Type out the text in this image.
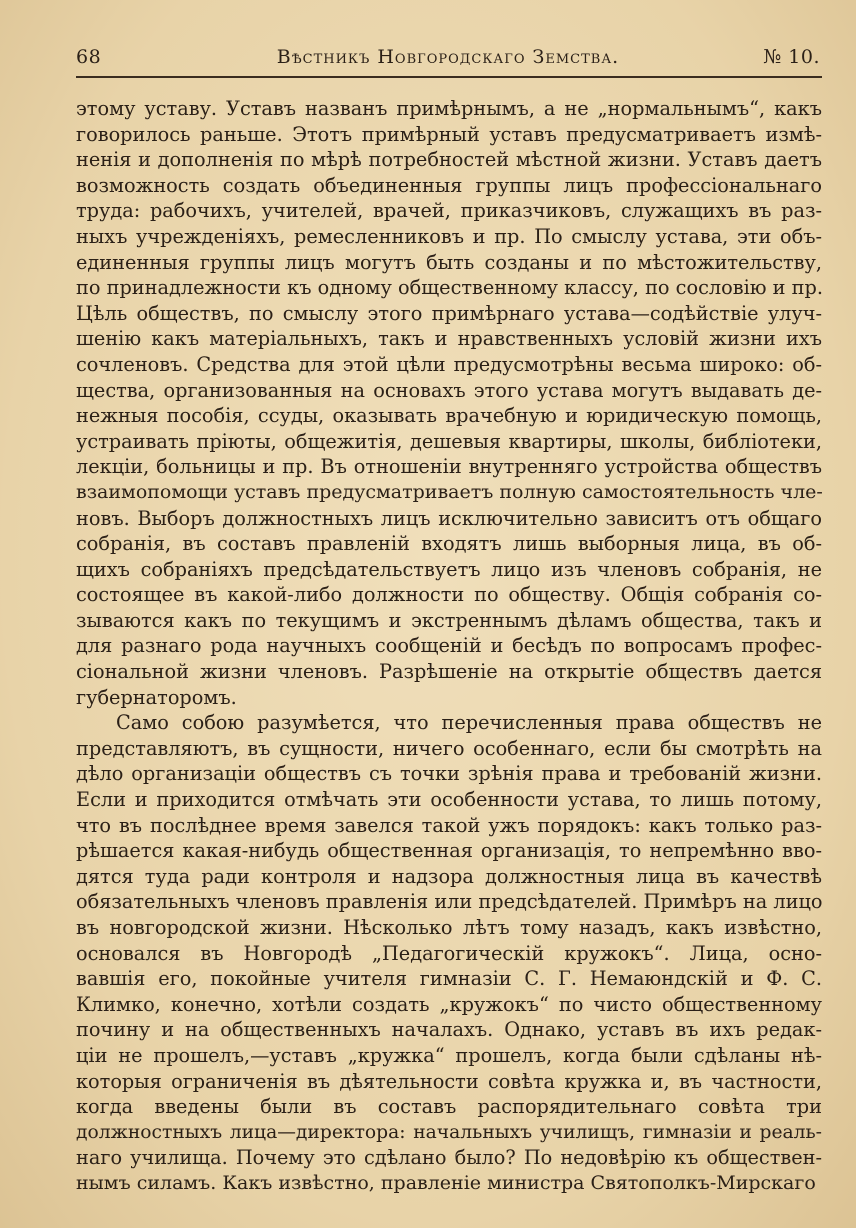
68	Вѣстникъ Новгородскаго Земства.	№ 10.
этому уставу. Уставъ названъ примѣрнымъ, а не „нормальнымъ“, какъ
говорилось раньше. Этотъ примѣрный уставъ предусматриваетъ измѣ-
ненія и дополненія по мѣрѣ потребностей мѣстной жизни. Уставъ даетъ
возможность создать объединенныя группы лицъ профессіональнаго
труда: рабочихъ, учителей, врачей, приказчиковъ, служащихъ въ раз-
ныхъ учрежденіяхъ, ремесленниковъ и пр. По смыслу устава, эти объ-
единенныя группы лицъ могутъ быть созданы и по мѣстожительству,
по принадлежности къ одному общественному классу, по сословію и пр.
Цѣль обществъ, по смыслу этого примѣрнаго устава—содѣйствіе улуч-
шенію какъ матеріальныхъ, такъ и нравственныхъ условій жизни ихъ
сочленовъ. Средства для этой цѣли предусмотрѣны весьма широко: об-
щества, организованныя на основахъ этого устава могутъ выдавать де-
нежныя пособія, ссуды, оказывать врачебную и юридическую помощь,
устраивать пріюты, общежитія, дешевыя квартиры, школы, библіотеки,
лекціи, больницы и пр. Въ отношеніи внутренняго устройства обществъ
взаимопомощи уставъ предусматриваетъ полную самостоятельность чле-
новъ. Выборъ должностныхъ лицъ исключительно зависитъ отъ общаго
собранія, въ составъ правленій входятъ лишь выборныя лица, въ об-
щихъ собраніяхъ предсѣдательствуетъ лицо изъ членовъ собранія, не
состоящее въ какой-либо должности по обществу. Общія собранія со-
зываются какъ по текущимъ и экстреннымъ дѣламъ общества, такъ и
для разнаго рода научныхъ сообщеній и бесѣдъ по вопросамъ профес-
сіональной жизни членовъ. Разрѣшеніе на открытіе обществъ дается
губернаторомъ.
Само собою разумѣется, что перечисленныя права обществъ не
представляютъ, въ сущности, ничего особеннаго, если бы смотрѣть на
дѣло организаціи обществъ съ точки зрѣнія права и требованій жизни.
Если и приходится отмѣчать эти особенности устава, то лишь потому,
что въ послѣднее время завелся такой ужъ порядокъ: какъ только раз-
рѣшается какая-нибудь общественная организація, то непремѣнно вво-
дятся туда ради контроля и надзора должностныя лица въ качествѣ
обязательныхъ членовъ правленія или предсѣдателей. Примѣръ на лицо
въ новгородской жизни. Нѣсколько лѣтъ тому назадъ, какъ извѣстно,
основался въ Новгородѣ „Педагогическій кружокъ“. Лица, осно-
вавшія его, покойные учителя гимназіи С. Г. Немаюндскій и Ф. С.
Климко, конечно, хотѣли создать „кружокъ“ по чисто общественному
почину и на общественныхъ началахъ. Однако, уставъ въ ихъ редак-
ціи не прошелъ,—уставъ „кружка“ прошелъ, когда были сдѣланы нѣ-
которыя ограниченія въ дѣятельности совѣта кружка и, въ частности,
когда введены были въ составъ распорядительнаго совѣта три
должностныхъ лица—директора: начальныхъ училищъ, гимназіи и реаль-
наго училища. Почему это сдѣлано было? По недовѣрію къ обществен-
нымъ силамъ. Какъ извѣстно, правленіе министра Святополкъ-Мирскаго
